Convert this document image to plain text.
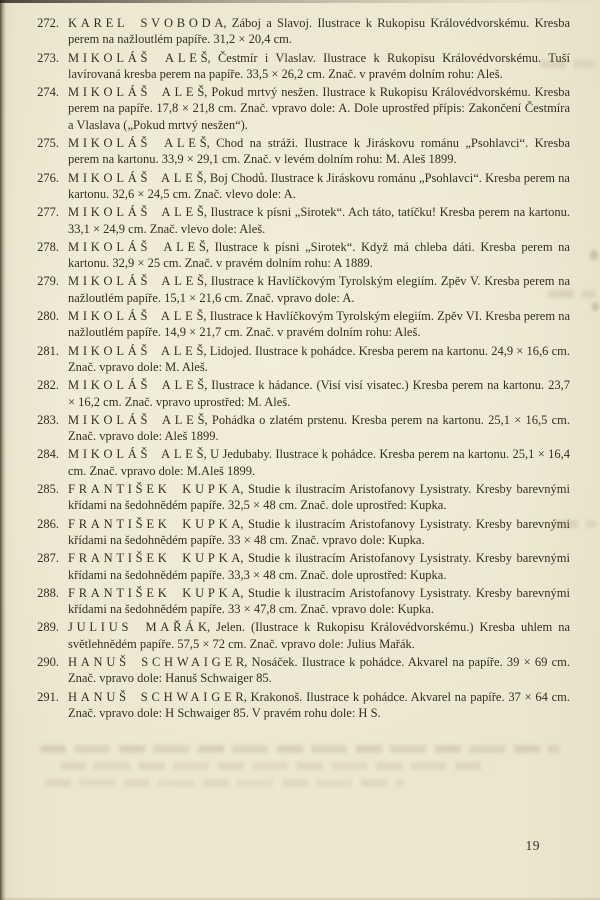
272. KAREL SVOBODA, Záboj a Slavoj. Ilustrace k Rukopisu Královédvorskému. Kresba perem na nažloutlém papíře. 31,2 × 20,4 cm.

273. MIKOLÁŠ ALEŠ, Čestmír i Vlaslav. Ilustrace k Rukopisu Královédvorskému. Tuší lavírovaná kresba perem na papíře. 33,5 × 26,2 cm. Znač. v pravém dolním rohu: Aleš.

274. MIKOLÁŠ ALEŠ, Pokud mrtvý nesžen. Ilustrace k Rukopisu Královédvorskému. Kresba perem na papíře. 17,8 × 21,8 cm. Znač. vpravo dole: A. Dole uprostřed přípis: Zakončení Čestmíra a Vlaslava („Pokud mrtvý nesžen“).

275. MIKOLÁŠ ALEŠ, Chod na stráži. Ilustrace k Jiráskovu románu „Psohlavci“. Kresba perem na kartonu. 33,9 × 29,1 cm. Znač. v levém dolním rohu: M. Aleš 1899.

276. MIKOLÁŠ ALEŠ, Boj Chodů. Ilustrace k Jiráskovu románu „Psohlavci“. Kresba perem na kartonu. 32,6 × 24,5 cm. Znač. vlevo dole: A.

277. MIKOLÁŠ ALEŠ, Ilustrace k písni „Sirotek“. Ach táto, tatíčku! Kresba perem na kartonu. 33,1 × 24,9 cm. Znač. vlevo dole: Aleš.

278. MIKOLÁŠ ALEŠ, Ilustrace k písni „Sirotek“. Když má chleba dáti. Kresba perem na kartonu. 32,9 × 25 cm. Znač. v pravém dolním rohu: A 1889.

279. MIKOLÁŠ ALEŠ, Ilustrace k Havlíčkovým Tyrolským elegiím. Zpěv V. Kresba perem na nažloutlém papíře. 15,1 × 21,6 cm. Znač. vpravo dole: A.

280. MIKOLÁŠ ALEŠ, Ilustrace k Havlíčkovým Tyrolským elegiím. Zpěv VI. Kresba perem na nažloutlém papíře. 14,9 × 21,7 cm. Znač. v pravém dolním rohu: Aleš.

281. MIKOLÁŠ ALEŠ, Lidojed. Ilustrace k pohádce. Kresba perem na kartonu. 24,9 × 16,6 cm. Znač. vpravo dole: M. Aleš.

282. MIKOLÁŠ ALEŠ, Ilustrace k hádance. (Visí visí visatec.) Kresba perem na kartonu. 23,7 × 16,2 cm. Znač. vpravo uprostřed: M. Aleš.

283. MIKOLÁŠ ALEŠ, Pohádka o zlatém prstenu. Kresba perem na kartonu. 25,1 × 16,5 cm. Znač. vpravo dole: Aleš 1899.

284. MIKOLÁŠ ALEŠ, U Jedubaby. Ilustrace k pohádce. Kresba perem na kartonu. 25,1 × 16,4 cm. Znač. vpravo dole: M.Aleš 1899.

285. FRANTIŠEK KUPKA, Studie k ilustracím Aristofanovy Lysistraty. Kresby barevnými křídami na šedohnědém papíře. 32,5 × 48 cm. Znač. dole uprostřed: Kupka.

286. FRANTIŠEK KUPKA, Studie k ilustracím Aristofanovy Lysistraty. Kresby barevnými křídami na šedohnědém papíře. 33 × 48 cm. Znač. vpravo dole: Kupka.

287. FRANTIŠEK KUPKA, Studie k ilustracím Aristofanovy Lysistraty. Kresby barevnými křídami na šedohnědém papíře. 33,3 × 48 cm. Znač. dole uprostřed: Kupka.

288. FRANTIŠEK KUPKA, Studie k ilustracím Aristofanovy Lysistraty. Kresby barevnými křídami na šedohnědém papíře. 33 × 47,8 cm. Znač. vpravo dole: Kupka.

289. JULIUS MAŘÁK, Jelen. (Ilustrace k Rukopisu Královédvorskému.) Kresba uhlem na světlehnědém papíře. 57,5 × 72 cm. Znač. vpravo dole: Julius Mařák.

290. HANUŠ SCHWAIGER, Nosáček. Ilustrace k pohádce. Akvarel na papíře. 39 × 69 cm. Znač. vpravo dole: Hanuš Schwaiger 85.

291. HANUŠ SCHWAIGER, Krakonoš. Ilustrace k pohádce. Akvarel na papíře. 37 × 64 cm. Znač. vpravo dole: H Schwaiger 85. V pravém rohu dole: H S.

19
